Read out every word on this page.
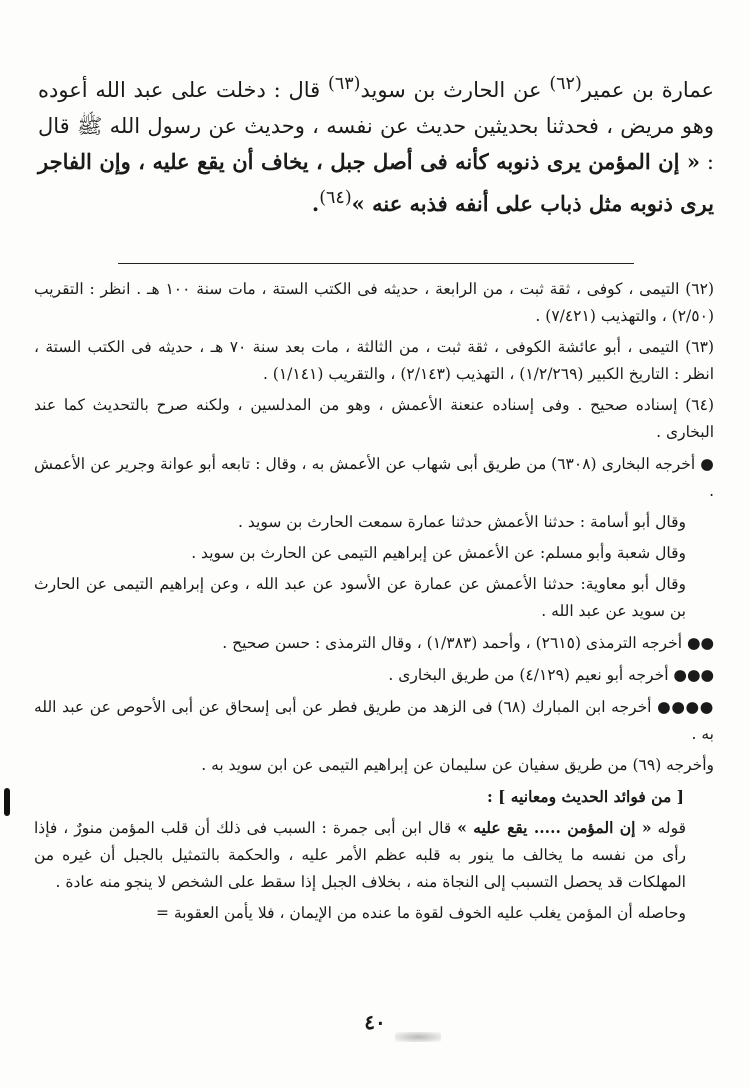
عمارة بن عمير$^{(٦٢)}$ عن الحارث بن سويد$^{(٦٣)}$ قال : دخلت على عبد الله أعوده وهو مريض ، فحدثنا بحديثين حديث عن نفسه ، وحديث عن رسول الله ﷺ قال : « إن المؤمن يرى ذنوبه كأنه فى أصل جبل ، يخاف أن يقع عليه ، وإن الفاجر يرى ذنوبه مثل ذباب على أنفه فذبه عنه »$^{(٦٤)}$.

(٦٢) التيمى ، كوفى ، ثقة ثبت ، من الرابعة ، حديثه فى الكتب الستة ، مات سنة ١٠٠ هـ . انظر : التقريب (٢/٥٠) ، والتهذيب (٧/٤٢١) .

(٦٣) التيمى ، أبو عائشة الكوفى ، ثقة ثبت ، من الثالثة ، مات بعد سنة ٧٠ هـ ، حديثه فى الكتب الستة ، انظر : التاريخ الكبير (١/٢/٢٦٩) ، التهذيب (٢/١٤٣) ، والتقريب (١/١٤١) .

(٦٤) إسناده صحيح . وفى إسناده عنعنة الأعمش ، وهو من المدلسين ، ولكنه صرح بالتحديث كما عند البخارى .

● أخرجه البخارى (٦٣٠٨) من طريق أبى شهاب عن الأعمش به ، وقال : تابعه أبو عوانة وجرير عن الأعمش .

وقال أبو أسامة : حدثنا الأعمش حدثنا عمارة سمعت الحارث بن سويد .

وقال شعبة وأبو مسلم: عن الأعمش عن إبراهيم التيمى عن الحارث بن سويد .

وقال أبو معاوية: حدثنا الأعمش عن عمارة عن الأسود عن عبد الله ، وعن إبراهيم التيمى عن الحارث بن سويد عن عبد الله .

●● أخرجه الترمذى (٢٦١٥) ، وأحمد (١/٣٨٣) ، وقال الترمذى : حسن صحيح .

●●● أخرجه أبو نعيم (٤/١٢٩) من طريق البخارى .

●●●● أخرجه ابن المبارك (٦٨) فى الزهد من طريق فطر عن أبى إسحاق عن أبى الأحوص عن عبد الله به .

وأخرجه (٦٩) من طريق سفيان عن سليمان عن إبراهيم التيمى عن ابن سويد به .

[ من فوائد الحديث ومعانيه ] :

قوله « إن المؤمن ..... يقع عليه » قال ابن أبى جمرة : السبب فى ذلك أن قلب المؤمن منورٌ ، فإذا رأى من نفسه ما يخالف ما ينور به قلبه عظم الأمر عليه ، والحكمة بالتمثيل بالجبل أن غيره من المهلكات قد يحصل التسبب إلى النجاة منه ، بخلاف الجبل إذا سقط على الشخص لا ينجو منه عادة .

وحاصله أن المؤمن يغلب عليه الخوف لقوة ما عنده من الإيمان ، فلا يأمن العقوبة =

٤٠
